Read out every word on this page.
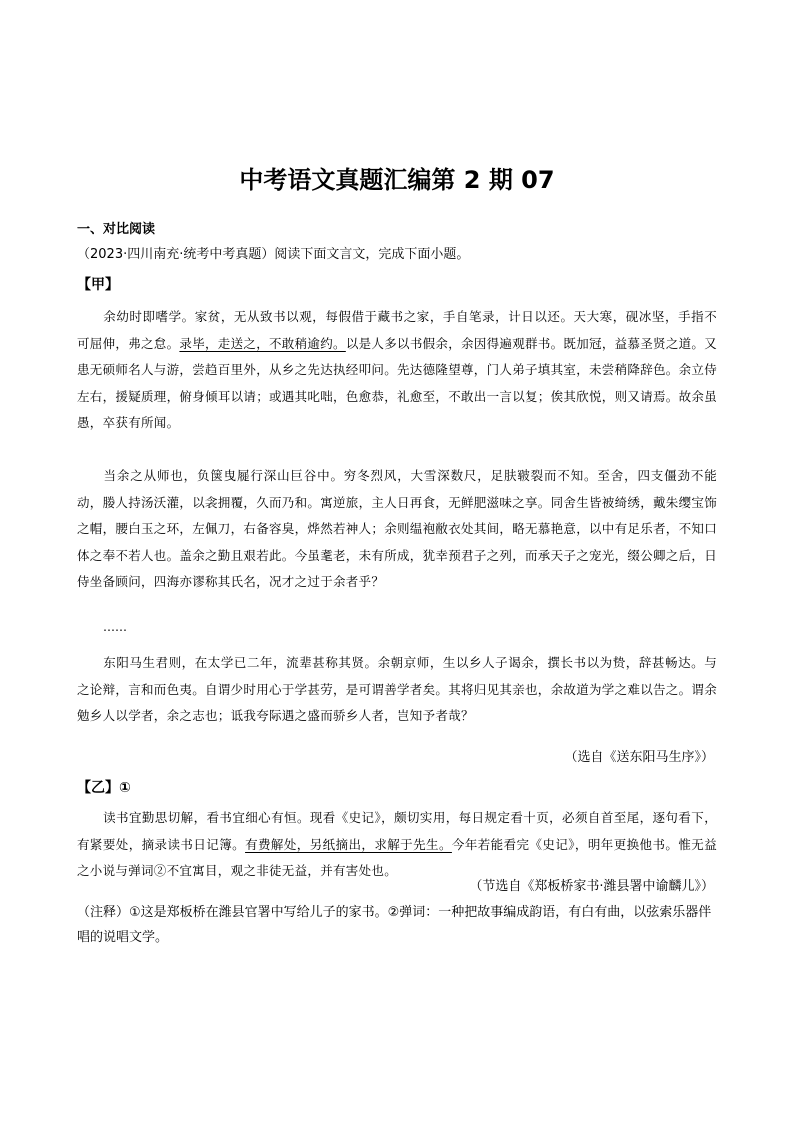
中考语文真题汇编第 2 期 07
一、对比阅读
（2023·四川南充·统考中考真题）阅读下面文言文，完成下面小题。
【甲】

余幼时即嗜学。家贫，无从致书以观，每假借于藏书之家，手自笔录，计日以还。天大寒，砚冰坚，手指不可屈伸，弗之怠。录毕，走送之，不敢稍逾约。以是人多以书假余，余因得遍观群书。既加冠，益慕圣贤之道。又患无硕师名人与游，尝趋百里外，从乡之先达执经叩问。先达德隆望尊，门人弟子填其室，未尝稍降辞色。余立侍左右，援疑质理，俯身倾耳以请；或遇其叱咄，色愈恭，礼愈至，不敢出一言以复；俟其欣悦，则又请焉。故余虽愚，卒获有所闻。

当余之从师也，负箧曳屣行深山巨谷中。穷冬烈风，大雪深数尺，足肤皲裂而不知。至舍，四支僵劲不能动，媵人持汤沃灌，以衾拥覆，久而乃和。寓逆旅，主人日再食，无鲜肥滋味之享。同舍生皆被绮绣，戴朱缨宝饰之帽，腰白玉之环，左佩刀，右备容臭，烨然若神人；余则缊袍敝衣处其间，略无慕艳意，以中有足乐者，不知口体之奉不若人也。盖余之勤且艰若此。今虽耄老，未有所成，犹幸预君子之列，而承天子之宠光，缀公卿之后，日侍坐备顾问，四海亦谬称其氏名，况才之过于余者乎？

……

东阳马生君则，在太学已二年，流辈甚称其贤。余朝京师，生以乡人子谒余，撰长书以为贽，辞甚畅达。与之论辩，言和而色夷。自谓少时用心于学甚劳，是可谓善学者矣。其将归见其亲也，余故道为学之难以告之。谓余勉乡人以学者，余之志也；诋我夸际遇之盛而骄乡人者，岂知予者哉？

（选自《送东阳马生序》）
【乙】①

读书宜勤思切解，看书宜细心有恒。现看《史记》，颇切实用，每日规定看十页，必须自首至尾，逐句看下，有紧要处，摘录读书日记簿。有费解处，另纸摘出，求解于先生。今年若能看完《史记》，明年更换他书。惟无益之小说与弹词②不宜寓目，观之非徒无益，并有害处也。

（节选自《郑板桥家书·潍县署中谕麟儿》）

（注释）①这是郑板桥在潍县官署中写给儿子的家书。②弹词：一种把故事编成韵语，有白有曲，以弦索乐器伴唱的说唱文学。
